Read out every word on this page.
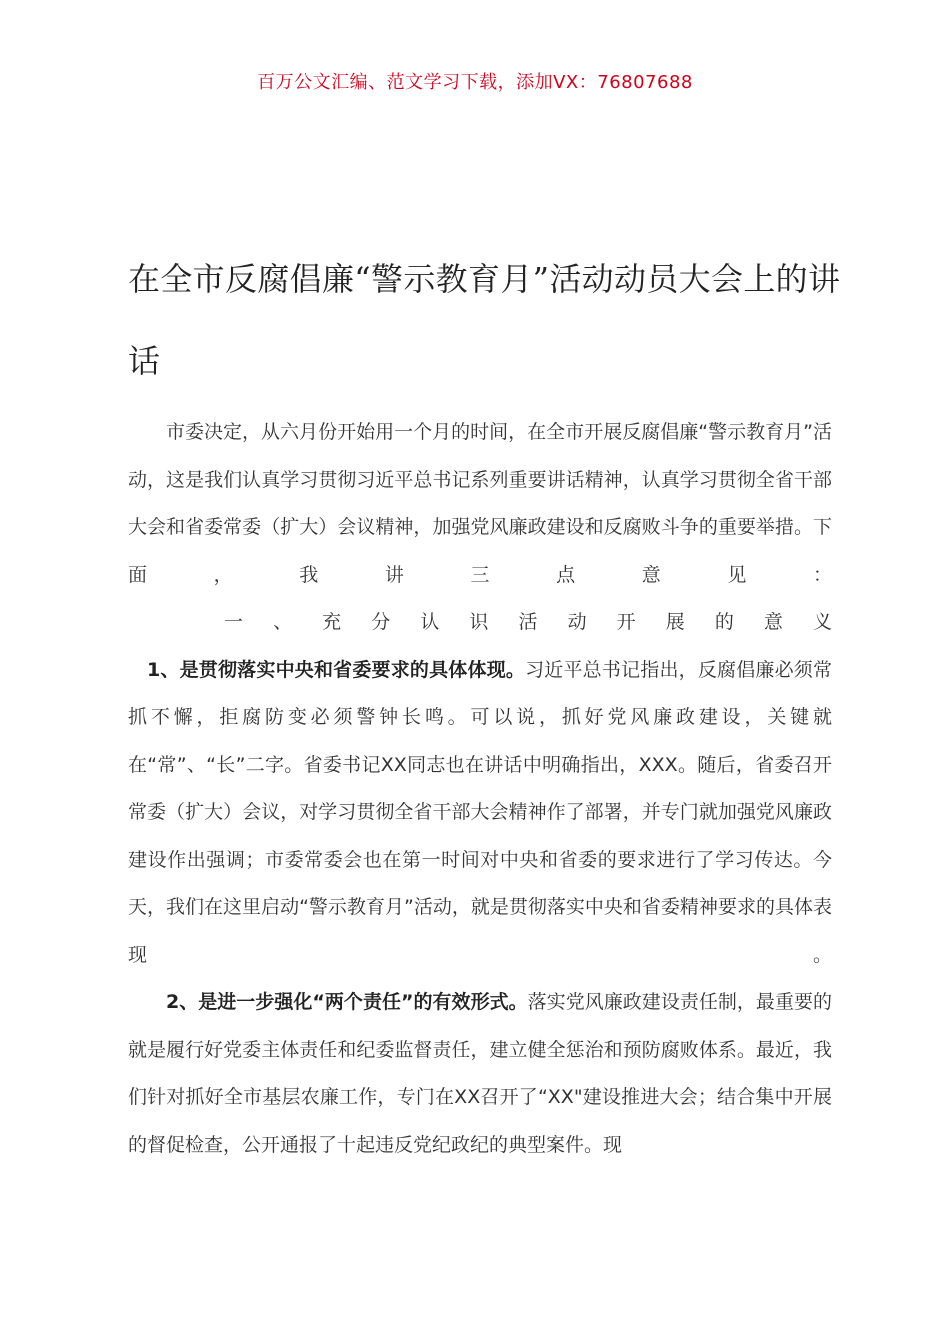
百万公文汇编、范文学习下载，添加VX：76807688
在全市反腐倡廉“警示教育月”活动动员大会上的讲话

市委决定，从六月份开始用一个月的时间，在全市开展反腐倡廉“警示教育月”活动，这是我们认真学习贯彻习近平总书记系列重要讲话精神，认真学习贯彻全省干部大会和省委常委（扩大）会议精神，加强党风廉政建设和反腐败斗争的重要举措。下面，我讲三点意见：

一、充分认识活动开展的意义

1、是贯彻落实中央和省委要求的具体体现。习近平总书记指出，反腐倡廉必须常抓不懈，拒腐防变必须警钟长鸣。可以说，抓好党风廉政建设，关键就在“常”、“长”二字。省委书记XX同志也在讲话中明确指出，XXX。随后，省委召开常委（扩大）会议，对学习贯彻全省干部大会精神作了部署，并专门就加强党风廉政建设作出强调；市委常委会也在第一时间对中央和省委的要求进行了学习传达。今天，我们在这里启动“警示教育月”活动，就是贯彻落实中央和省委精神要求的具体表现。

2、是进一步强化“两个责任”的有效形式。落实党风廉政建设责任制，最重要的就是履行好党委主体责任和纪委监督责任，建立健全惩治和预防腐败体系。最近，我们针对抓好全市基层农廉工作，专门在XX召开了“XX"建设推进大会；结合集中开展的督促检查，公开通报了十起违反党纪政纪的典型案件。现
